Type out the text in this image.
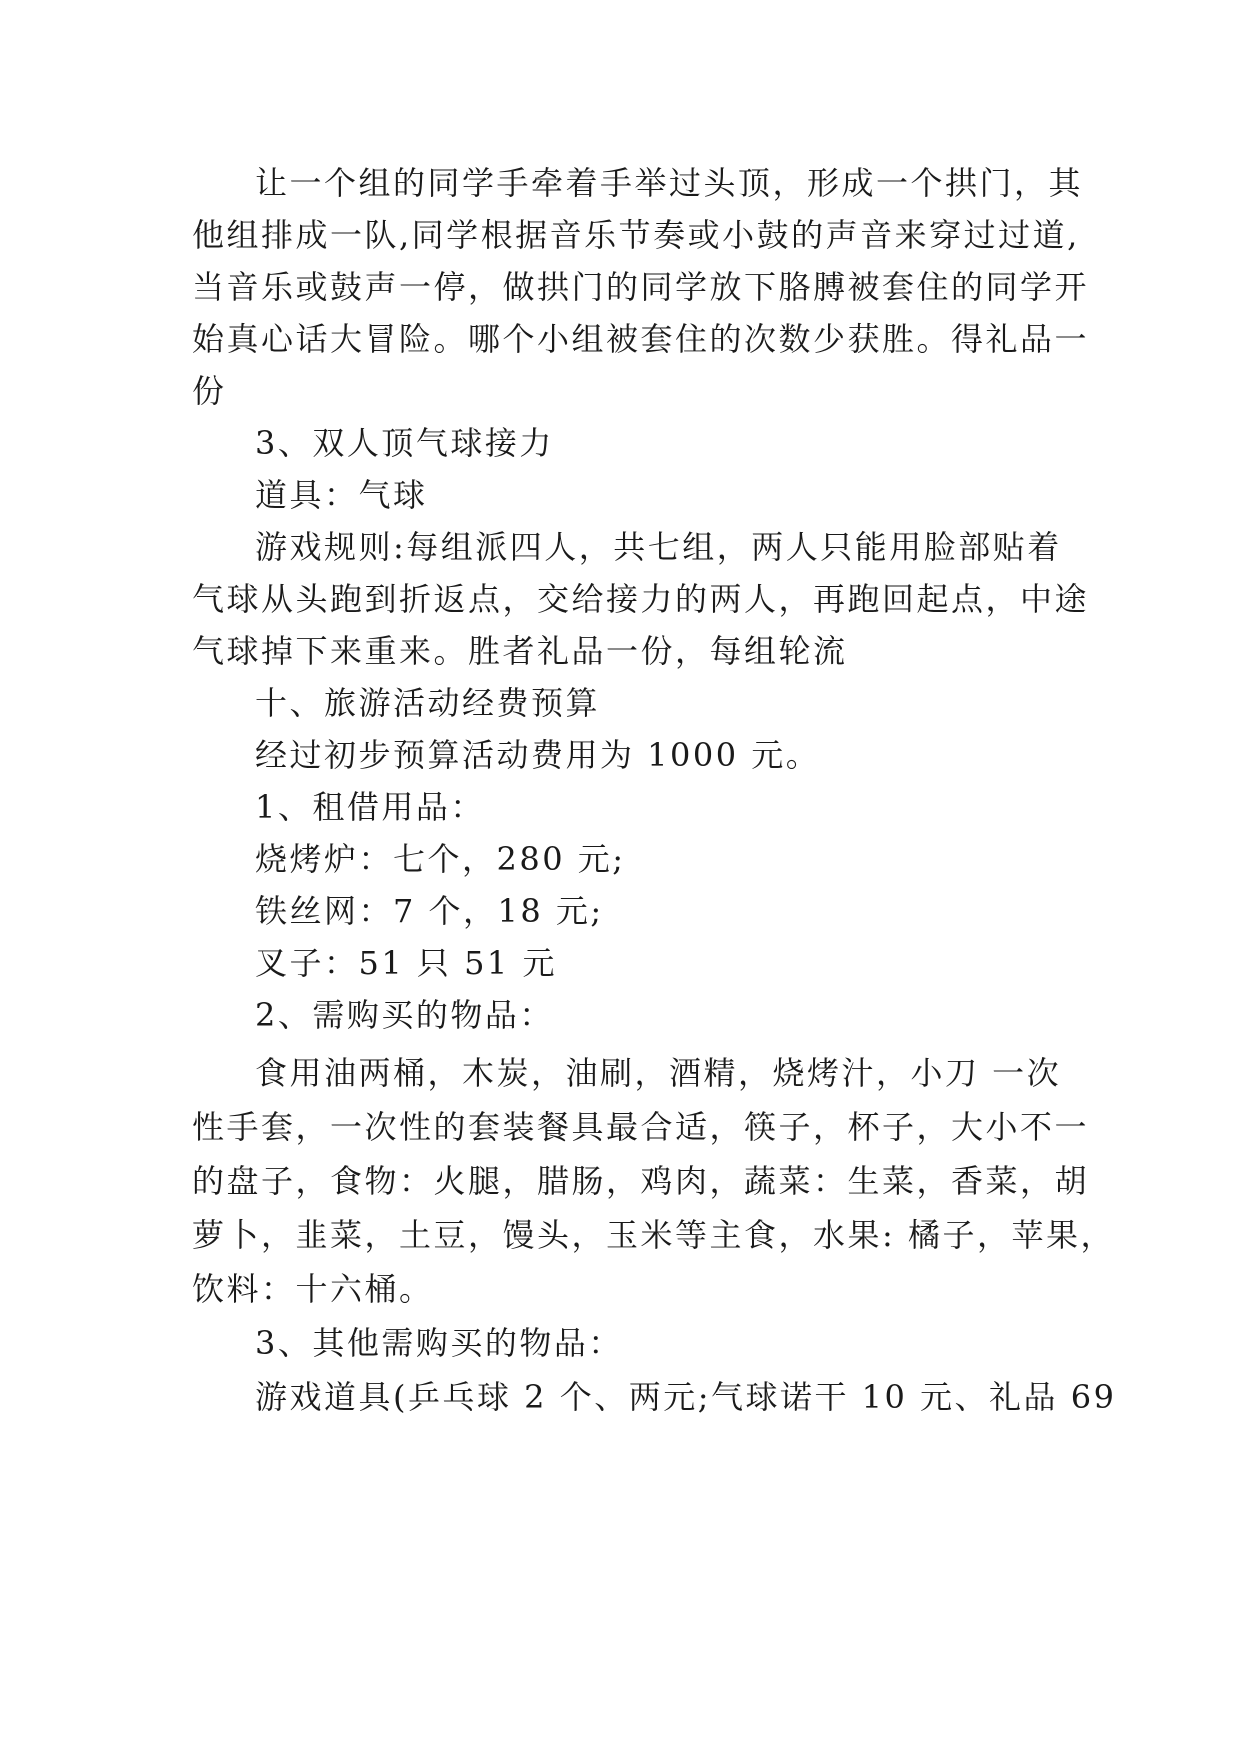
让一个组的同学手牵着手举过头顶，形成一个拱门，其
他组排成一队,同学根据音乐节奏或小鼓的声音来穿过过道,
当音乐或鼓声一停，做拱门的同学放下胳膊被套住的同学开
始真心话大冒险。哪个小组被套住的次数少获胜。得礼品一
份
3、双人顶气球接力
道具：气球
游戏规则:每组派四人，共七组，两人只能用脸部贴着
气球从头跑到折返点，交给接力的两人，再跑回起点，中途
气球掉下来重来。胜者礼品一份，每组轮流
十、旅游活动经费预算
经过初步预算活动费用为 1000 元。
1、租借用品：
烧烤炉：七个，280 元;
铁丝网：7 个，18 元;
叉子：51 只 51 元
2、需购买的物品：
食用油两桶，木炭，油刷，酒精，烧烤汁，小刀 一次
性手套，一次性的套装餐具最合适，筷子，杯子，大小不一
的盘子，食物：火腿，腊肠，鸡肉，蔬菜：生菜，香菜，胡
萝卜，韭菜，土豆，馒头，玉米等主食，水果: 橘子，苹果，
饮料：十六桶。
3、其他需购买的物品：
游戏道具(乒乓球 2 个、两元;气球诺干 10 元、礼品 69
